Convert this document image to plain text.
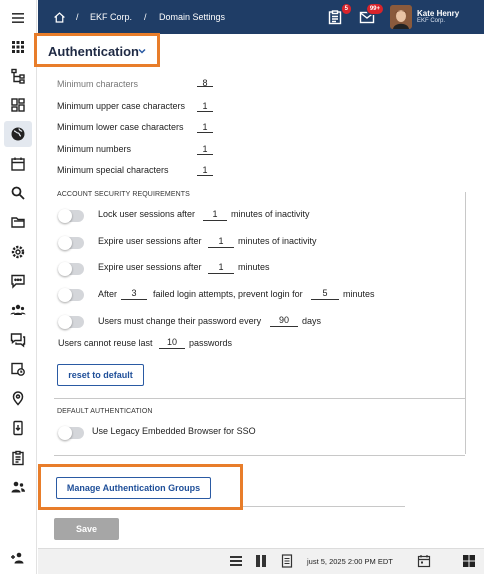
/ EKF Corp. / Domain Settings
5	99+	Kate Henry
EKF Corp.
Authentication
Minimum characters	8
Minimum upper case characters	1
Minimum lower case characters	1
Minimum numbers	1
Minimum special characters	1
ACCOUNT SECURITY REQUIREMENTS
Lock user sessions after	1	minutes of inactivity
Expire user sessions after	1	minutes of inactivity
Expire user sessions after	1	minutes
After	3	failed login attempts, prevent login for	5	minutes
Users must change their password every	90	days
Users cannot reuse last	10	passwords
reset to default
DEFAULT AUTHENTICATION
Use Legacy Embedded Browser for SSO
Manage Authentication Groups
Save
just 5, 2025 2:00 PM EDT
